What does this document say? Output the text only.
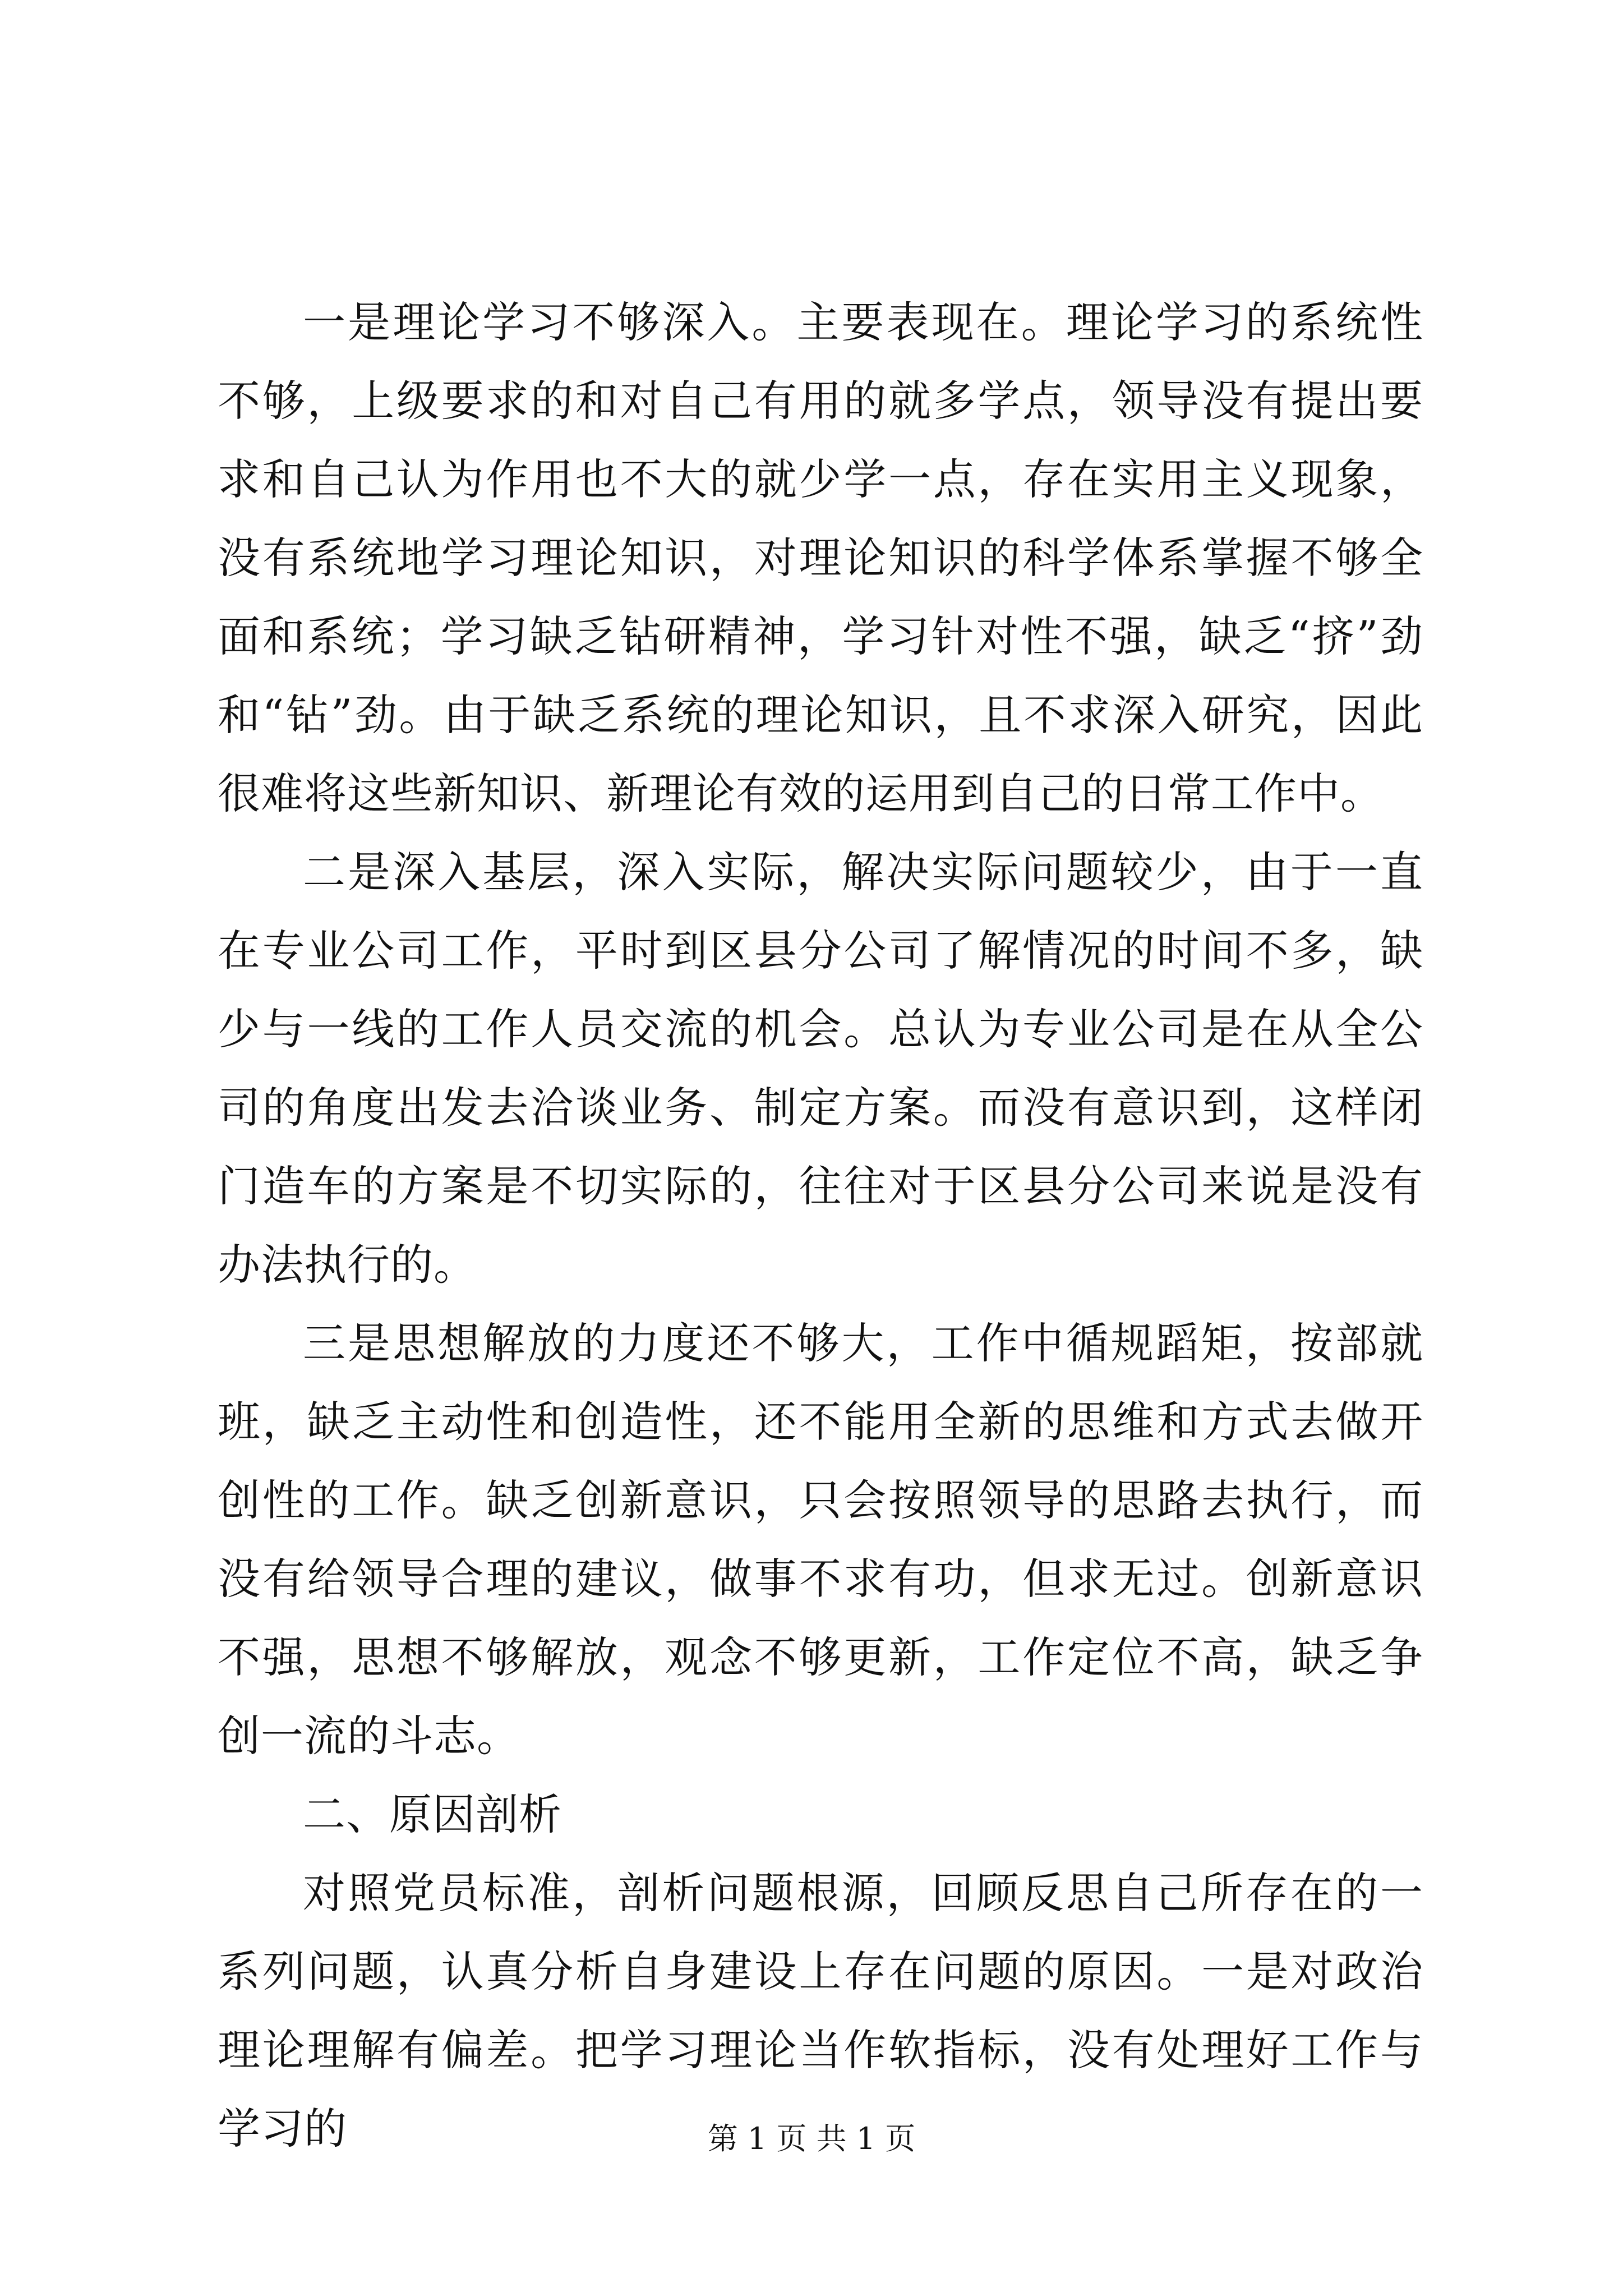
一是理论学习不够深入。主要表现在。理论学习的系统性不够，上级要求的和对自己有用的就多学点，领导没有提出要求和自己认为作用也不大的就少学一点，存在实用主义现象，没有系统地学习理论知识，对理论知识的科学体系掌握不够全面和系统；学习缺乏钻研精神，学习针对性不强，缺乏“挤”劲和“钻”劲。由于缺乏系统的理论知识，且不求深入研究，因此很难将这些新知识、新理论有效的运用到自己的日常工作中。

二是深入基层，深入实际，解决实际问题较少，由于一直在专业公司工作，平时到区县分公司了解情况的时间不多，缺少与一线的工作人员交流的机会。总认为专业公司是在从全公司的角度出发去洽谈业务、制定方案。而没有意识到，这样闭门造车的方案是不切实际的，往往对于区县分公司来说是没有办法执行的。

三是思想解放的力度还不够大，工作中循规蹈矩，按部就班，缺乏主动性和创造性，还不能用全新的思维和方式去做开创性的工作。缺乏创新意识，只会按照领导的思路去执行，而没有给领导合理的建议，做事不求有功，但求无过。创新意识不强，思想不够解放，观念不够更新，工作定位不高，缺乏争创一流的斗志。

二、原因剖析

对照党员标准，剖析问题根源，回顾反思自己所存在的一系列问题，认真分析自身建设上存在问题的原因。一是对政治理论理解有偏差。把学习理论当作软指标，没有处理好工作与学习的	第 1 页 共 1 页
